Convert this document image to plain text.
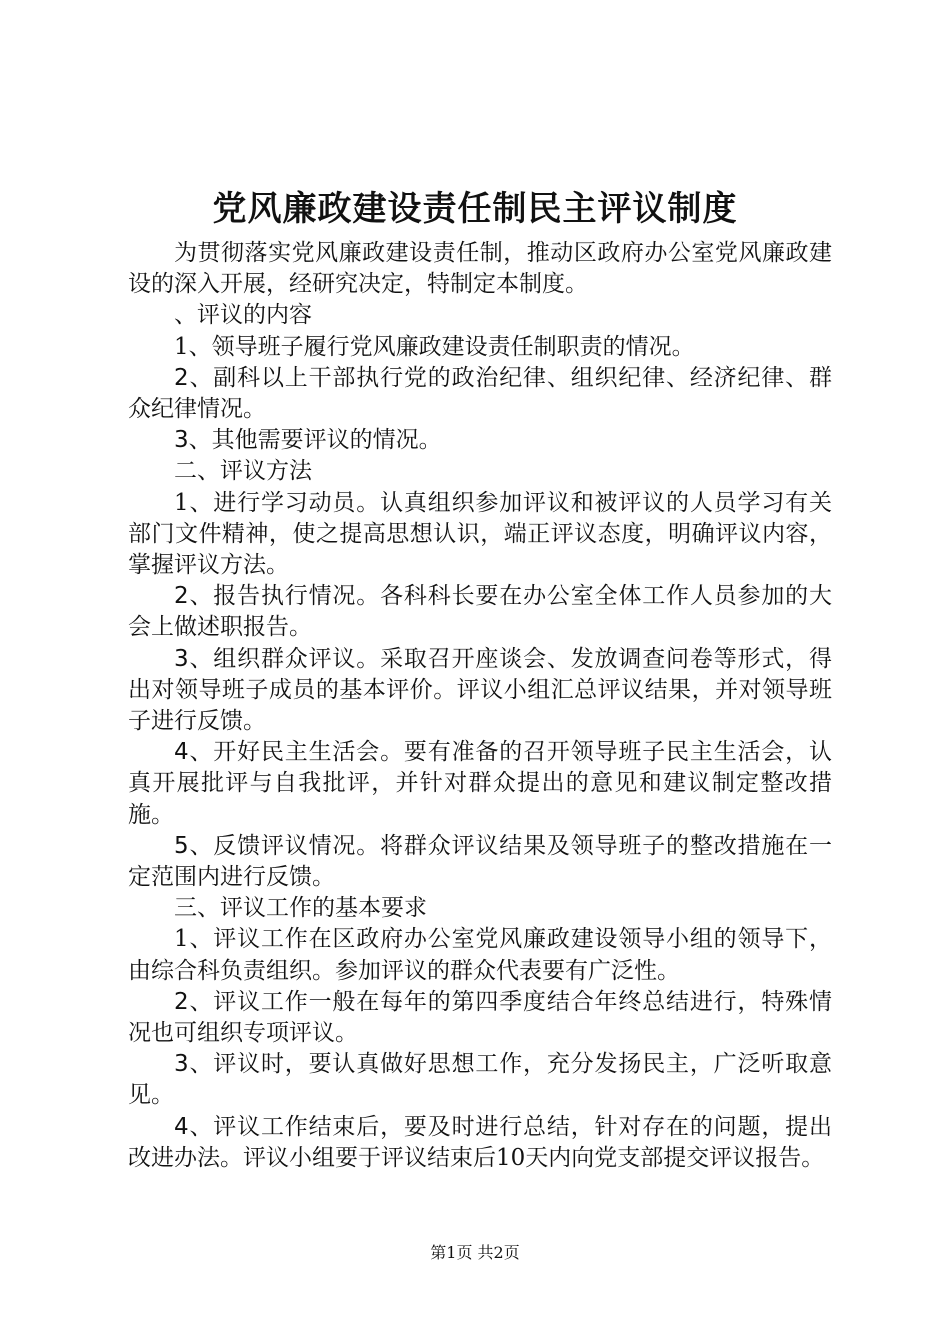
党风廉政建设责任制民主评议制度

为贯彻落实党风廉政建设责任制，推动区政府办公室党风廉政建设的深入开展，经研究决定，特制定本制度。

、评议的内容

1、领导班子履行党风廉政建设责任制职责的情况。

2、副科以上干部执行党的政治纪律、组织纪律、经济纪律、群众纪律情况。

3、其他需要评议的情况。

二、评议方法

1、进行学习动员。认真组织参加评议和被评议的人员学习有关部门文件精神，使之提高思想认识，端正评议态度，明确评议内容，掌握评议方法。

2、报告执行情况。各科科长要在办公室全体工作人员参加的大会上做述职报告。

3、组织群众评议。采取召开座谈会、发放调查问卷等形式，得出对领导班子成员的基本评价。评议小组汇总评议结果，并对领导班子进行反馈。

4、开好民主生活会。要有准备的召开领导班子民主生活会，认真开展批评与自我批评，并针对群众提出的意见和建议制定整改措施。

5、反馈评议情况。将群众评议结果及领导班子的整改措施在一定范围内进行反馈。

三、评议工作的基本要求

1、评议工作在区政府办公室党风廉政建设领导小组的领导下，由综合科负责组织。参加评议的群众代表要有广泛性。

2、评议工作一般在每年的第四季度结合年终总结进行，特殊情况也可组织专项评议。

3、评议时，要认真做好思想工作，充分发扬民主，广泛听取意见。

4、评议工作结束后，要及时进行总结，针对存在的问题，提出改进办法。评议小组要于评议结束后10天内向党支部提交评议报告。

第1页 共2页
